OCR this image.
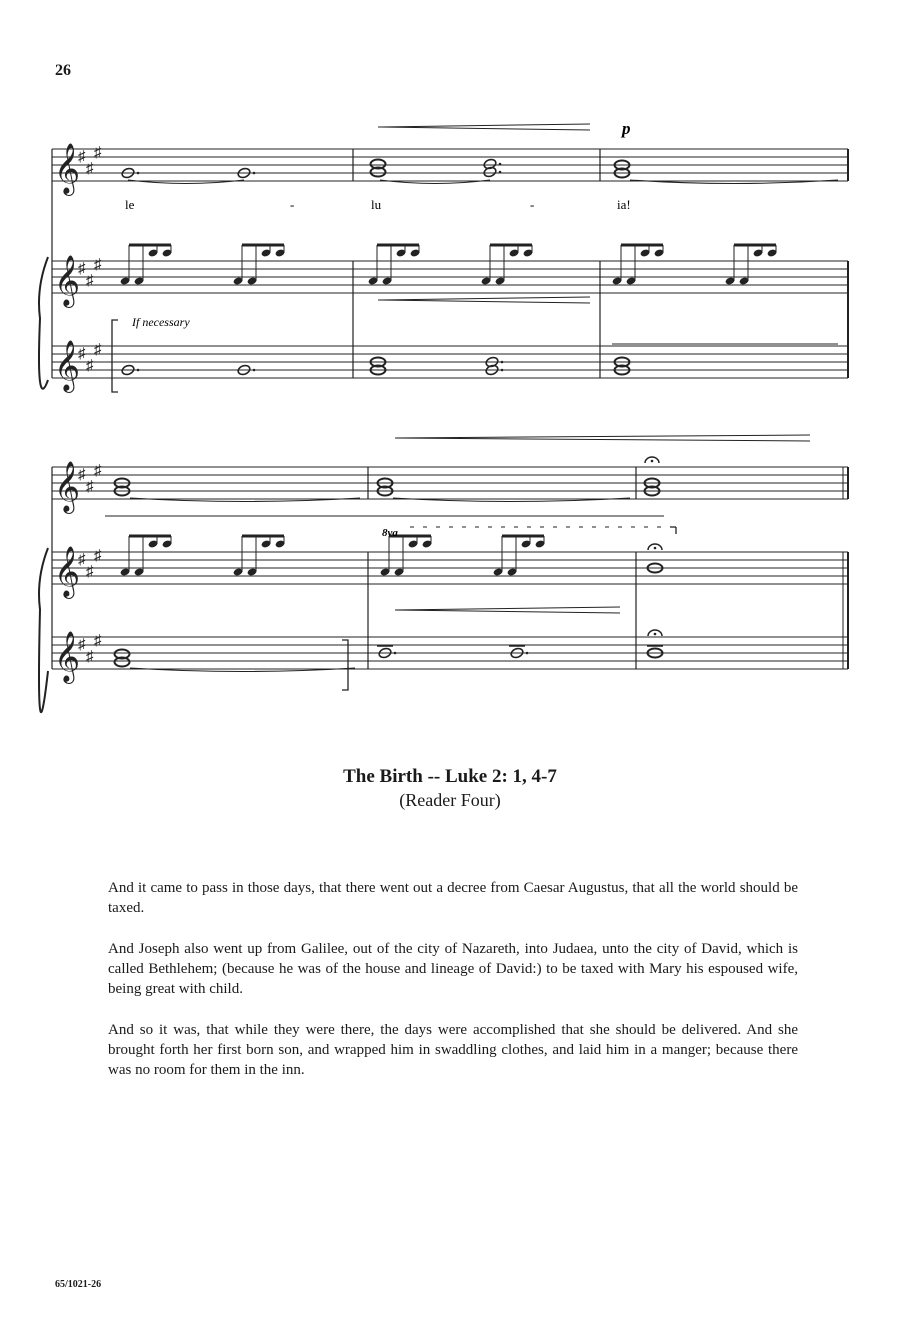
26
𝄞
♯
♯
♯
𝄞
♯
♯
♯
𝄞
♯
♯
♯
𝄞
♯
♯
♯
𝄞
♯
♯
♯
𝄞
♯
♯
♯
le	-	lu	-	ia!
p
If necessary
8va
The Birth -- Luke 2: 1, 4-7
(Reader Four)
And it came to pass in those days, that there went out a decree from Caesar Augustus, that all the world should be taxed.
And Joseph also went up from Galilee, out of the city of Nazareth, into Judaea, unto the city of David, which is called Bethlehem; (because he was of the house and lineage of David:) to be taxed with Mary his espoused wife, being great with child.
And so it was, that while they were there, the days were accomplished that she should be delivered. And she brought forth her first born son, and wrapped him in swaddling clothes, and laid him in a manger; because there was no room for them in the inn.
65/1021-26
